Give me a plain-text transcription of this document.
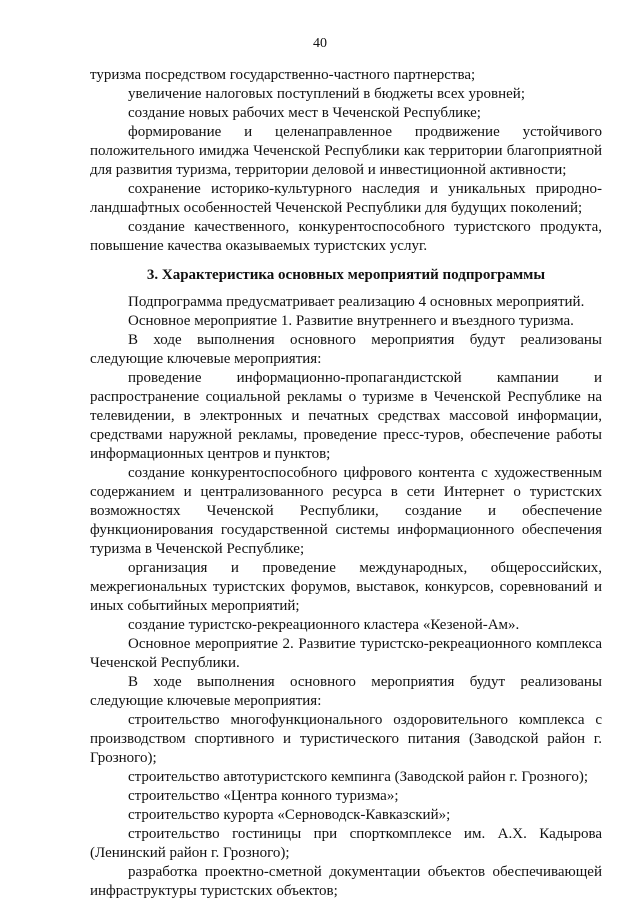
40

туризма посредством государственно-частного партнерства;

увеличение налоговых поступлений в бюджеты всех уровней;

создание новых рабочих мест в Чеченской Республике;

формирование и целенаправленное продвижение устойчивого положительного имиджа Чеченской Республики как территории благоприятной для развития туризма, территории деловой и инвестиционной активности;

сохранение историко-культурного наследия и уникальных природно-ландшафтных особенностей Чеченской Республики для будущих поколений;

создание качественного, конкурентоспособного туристского продукта, повышение качества оказываемых туристских услуг.

3. Характеристика основных мероприятий подпрограммы

Подпрограмма предусматривает реализацию 4 основных мероприятий.

Основное мероприятие 1. Развитие внутреннего и въездного туризма.

В ходе выполнения основного мероприятия будут реализованы следующие ключевые мероприятия:

проведение информационно-пропагандистской кампании и распространение социальной рекламы о туризме в Чеченской Республике на телевидении, в электронных и печатных средствах массовой информации, средствами наружной рекламы, проведение пресс-туров, обеспечение работы информационных центров и пунктов;

создание конкурентоспособного цифрового контента с художественным содержанием и централизованного ресурса в сети Интернет о туристских возможностях Чеченской Республики, создание и обеспечение функционирования государственной системы информационного обеспечения туризма в Чеченской Республике;

организация и проведение международных, общероссийских, межрегиональных туристских форумов, выставок, конкурсов, соревнований и иных событийных мероприятий;

создание туристско-рекреационного кластера «Кезеной-Ам».

Основное мероприятие 2. Развитие туристско-рекреационного комплекса Чеченской Республики.

В ходе выполнения основного мероприятия будут реализованы следующие ключевые мероприятия:

строительство многофункционального оздоровительного комплекса с производством спортивного и туристического питания (Заводской район г. Грозного);

строительство автотуристского кемпинга (Заводской район г. Грозного);

строительство «Центра конного туризма»;

строительство курорта «Серноводск-Кавказский»;

строительство гостиницы при спорткомплексе им. А.Х. Кадырова (Ленинский район г. Грозного);

разработка проектно-сметной документации объектов обеспечивающей инфраструктуры туристских объектов;
